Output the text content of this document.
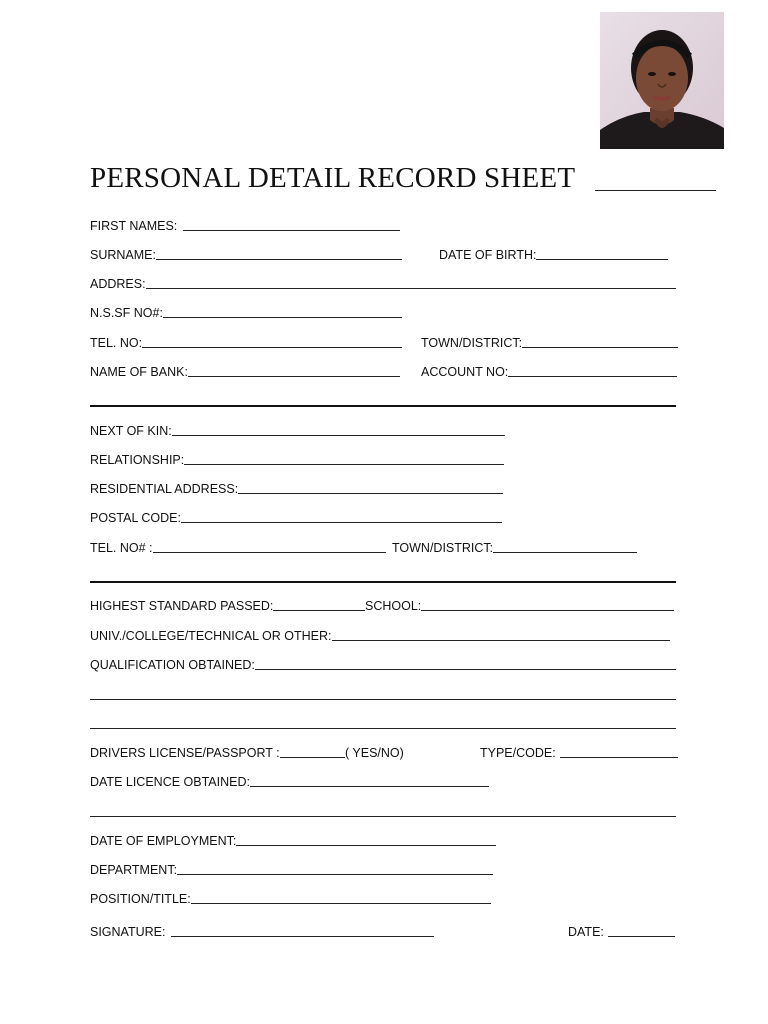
PERSONAL DETAIL RECORD SHEET
FIRST NAMES:
SURNAME:	DATE OF BIRTH:
ADDRES:
N.S.SF NO#:
TEL. NO:	TOWN/DISTRICT:
NAME OF BANK:	ACCOUNT NO:
NEXT OF KIN:
RELATIONSHIP:
RESIDENTIAL ADDRESS:
POSTAL CODE:
TEL. NO# :	TOWN/DISTRICT:
HIGHEST STANDARD PASSED:	SCHOOL:
UNIV./COLLEGE/TECHNICAL OR OTHER:
QUALIFICATION OBTAINED:
DRIVERS LICENSE/PASSPORT :	( YES/NO)	TYPE/CODE:
DATE LICENCE OBTAINED:
DATE OF EMPLOYMENT:
DEPARTMENT:
POSITION/TITLE:
SIGNATURE:	DATE:
